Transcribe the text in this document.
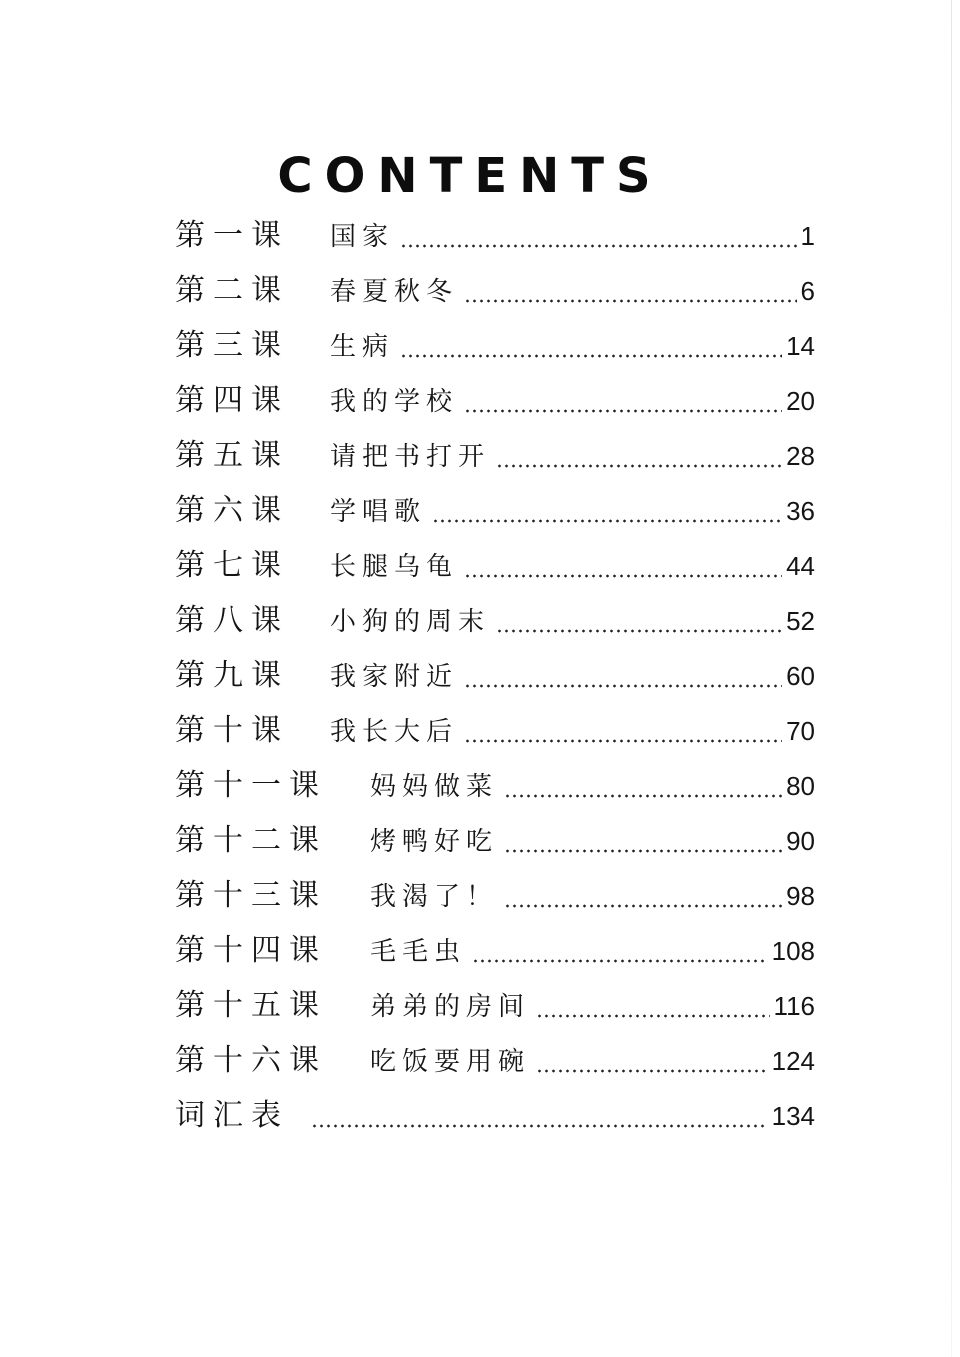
CONTENTS
第一课	国家	1
第二课	春夏秋冬	6
第三课	生病	14
第四课	我的学校	20
第五课	请把书打开	28
第六课	学唱歌	36
第七课	长腿乌龟	44
第八课	小狗的周末	52
第九课	我家附近	60
第十课	我长大后	70
第十一课	妈妈做菜	80
第十二课	烤鸭好吃	90
第十三课	我渴了！	98
第十四课	毛毛虫	108
第十五课	弟弟的房间	116
第十六课	吃饭要用碗	124
词汇表	134
